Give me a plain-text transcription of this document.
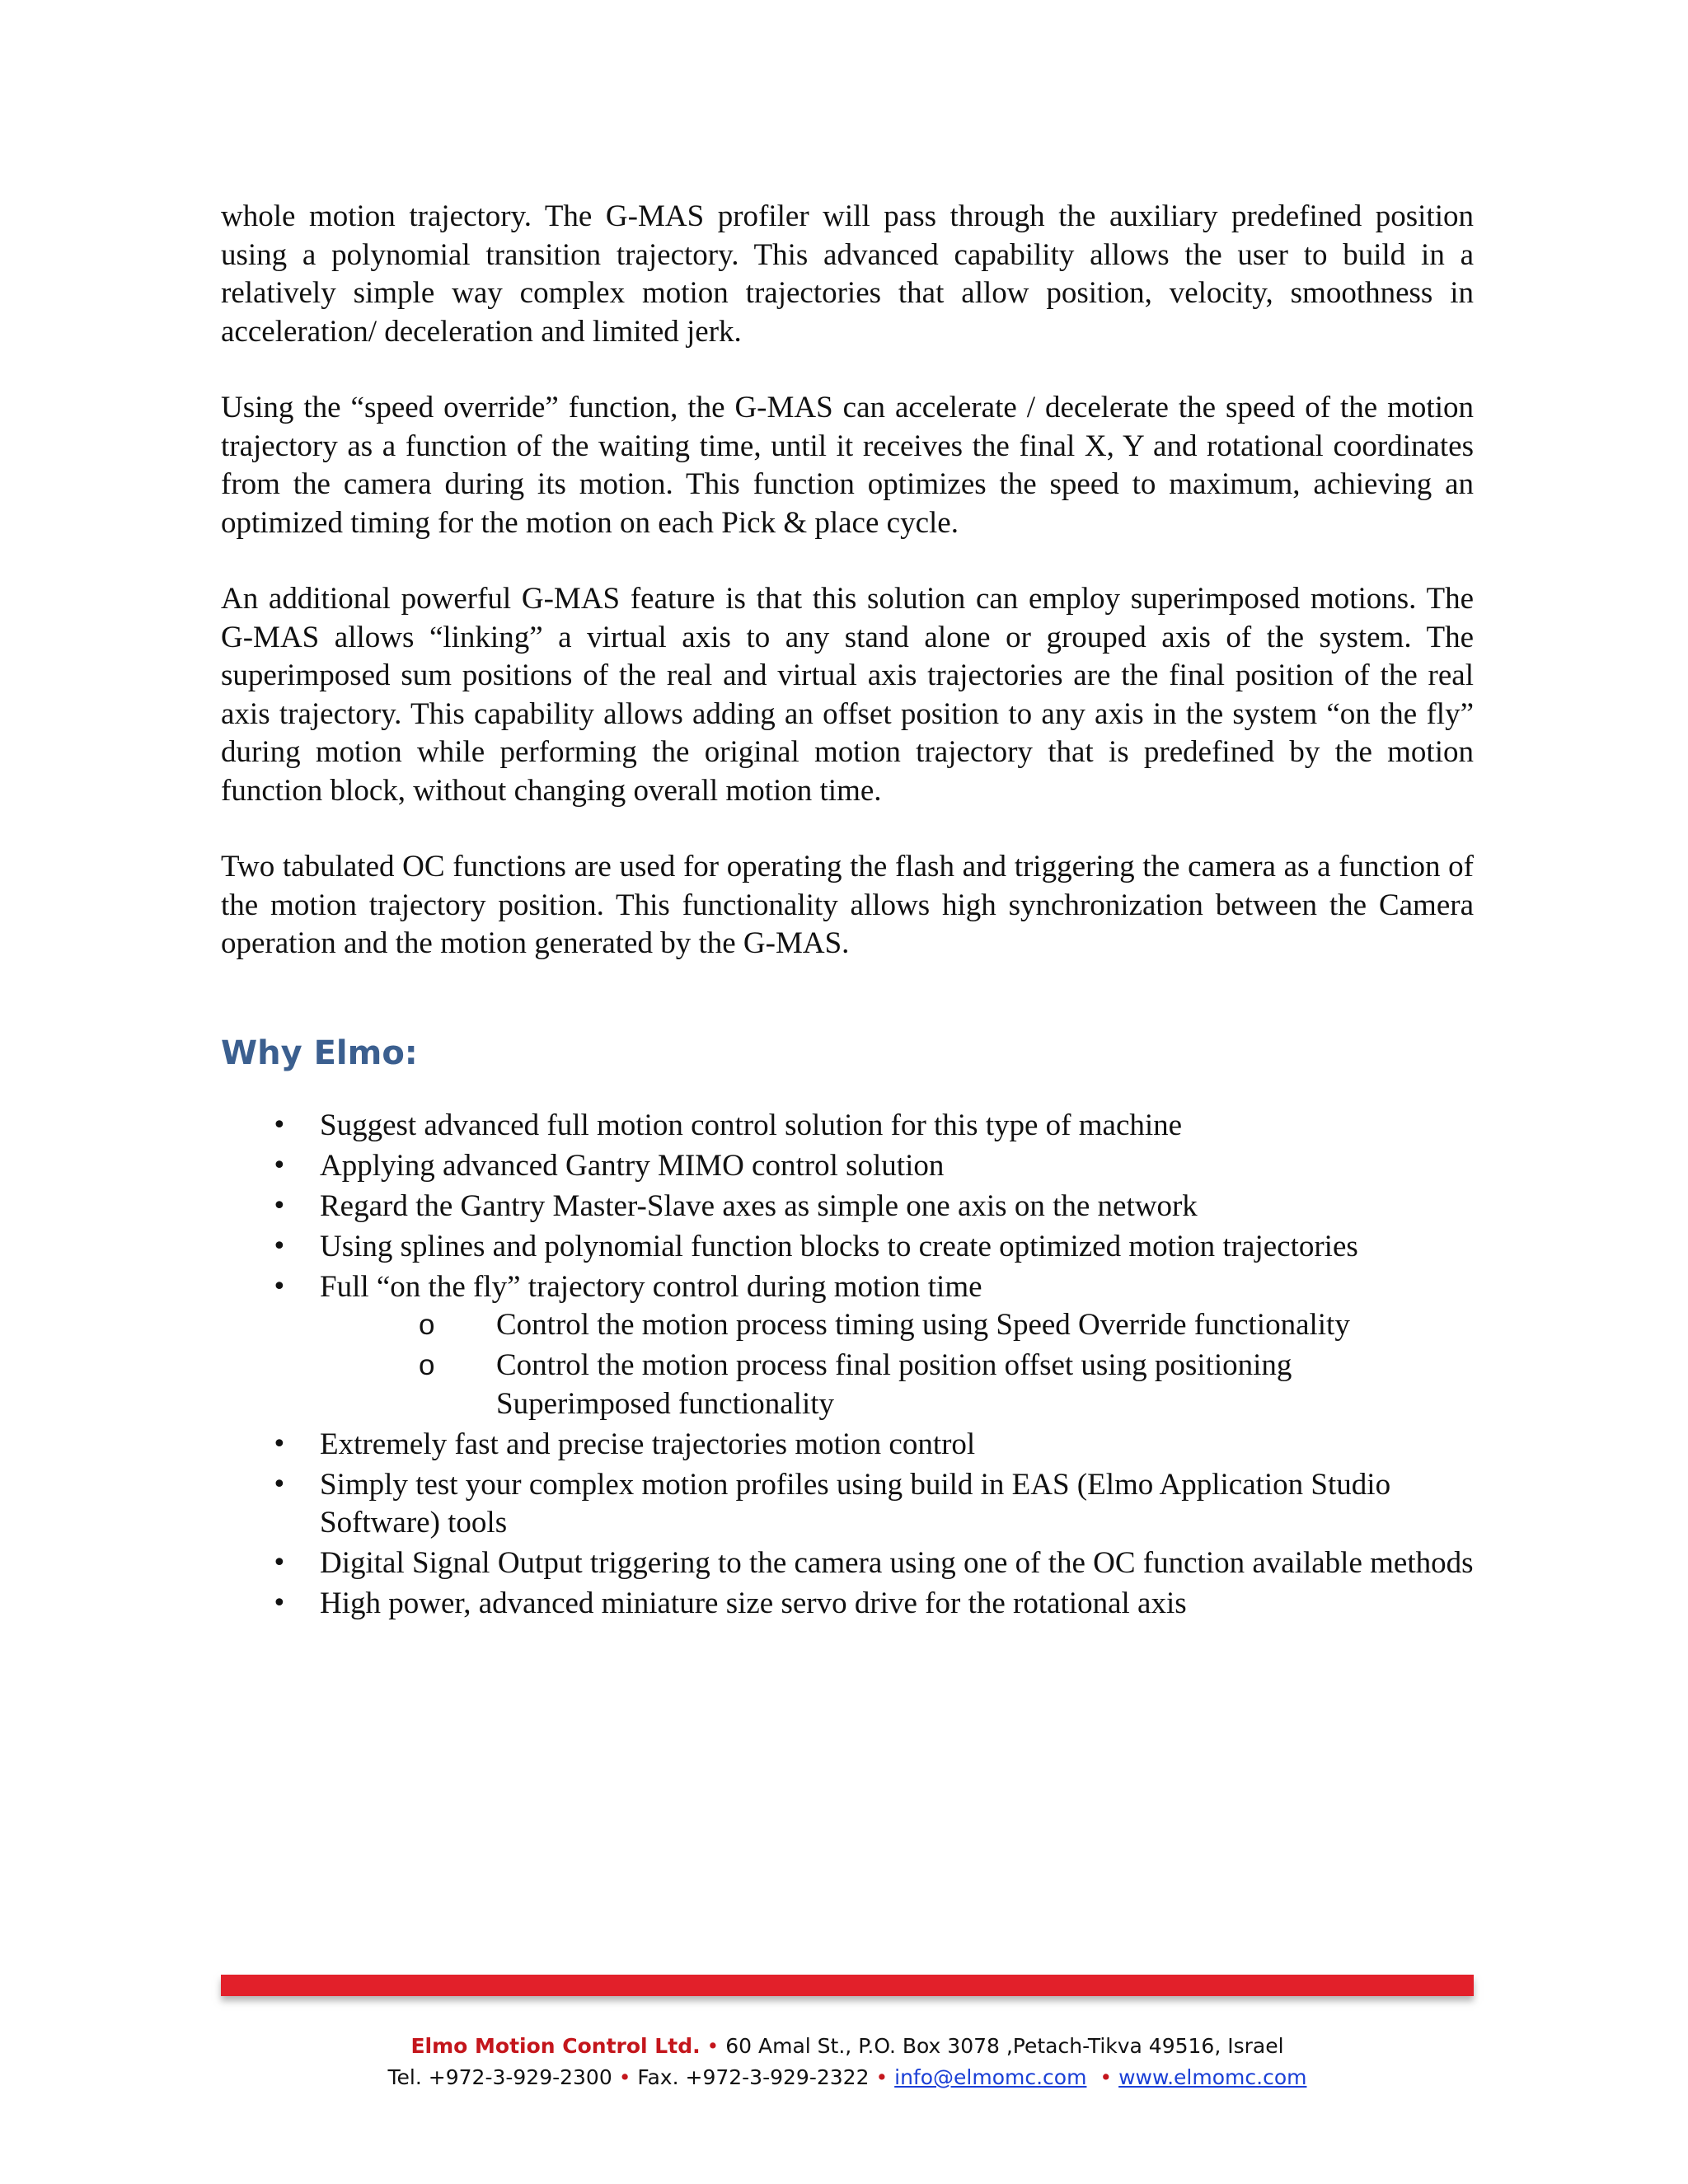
whole motion trajectory. The G-MAS profiler will pass through the auxiliary predefined position using a polynomial transition trajectory. This advanced capability allows the user to build in a relatively simple way complex motion trajectories that allow position, velocity, smoothness in acceleration/ deceleration and limited jerk.

Using the “speed override” function, the G-MAS can accelerate / decelerate the speed of the motion trajectory as a function of the waiting time, until it receives the final X, Y and rotational coordinates from the camera during its motion. This function optimizes the speed to maximum, achieving an optimized timing for the motion on each Pick & place cycle.

An additional powerful G-MAS feature is that this solution can employ superimposed motions. The G-MAS allows “linking” a virtual axis to any stand alone or grouped axis of the system. The superimposed sum positions of the real and virtual axis trajectories are the final position of the real axis trajectory. This capability allows adding an offset position to any axis in the system “on the fly” during motion while performing the original motion trajectory that is predefined by the motion function block, without changing overall motion time.

Two tabulated OC functions are used for operating the flash and triggering the camera as a function of the motion trajectory position. This functionality allows high synchronization between the Camera operation and the motion generated by the G-MAS.

Why Elmo:
• Suggest advanced full motion control solution for this type of machine
• Applying advanced Gantry MIMO control solution
• Regard the Gantry Master-Slave axes as simple one axis on the network
• Using splines and polynomial function blocks to create optimized motion trajectories
• Full “on the fly” trajectory control during motion time
o Control the motion process timing using Speed Override functionality
o Control the motion process final position offset using positioning Superimposed functionality
• Extremely fast and precise trajectories motion control
• Simply test your complex motion profiles using build in EAS (Elmo Application Studio Software) tools
• Digital Signal Output triggering to the camera using one of the OC function available methods
• High power, advanced miniature size servo drive for the rotational axis
Elmo Motion Control Ltd. • 60 Amal St., P.O. Box 3078 ,Petach-Tikva 49516, Israel
Tel. +972-3-929-2300 • Fax. +972-3-929-2322 • info@elmomc.com • www.elmomc.com
